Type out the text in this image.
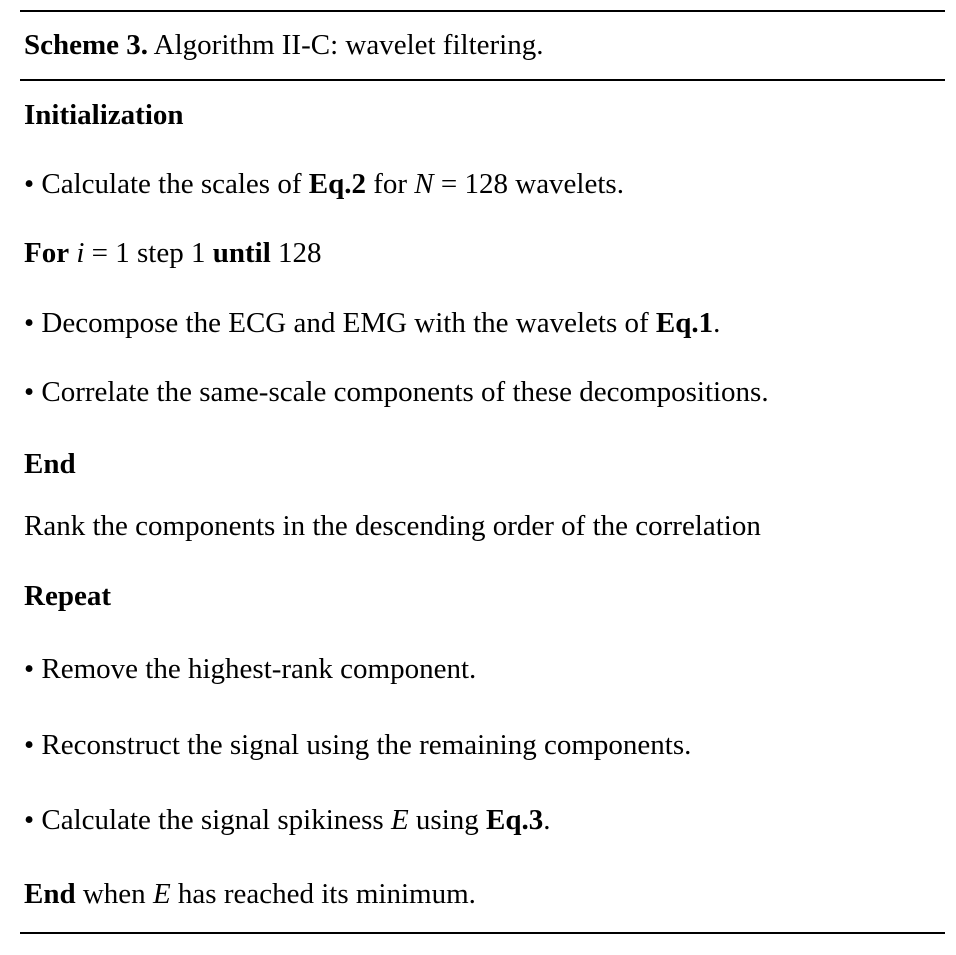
Scheme 3. Algorithm II-C: wavelet filtering.
Initialization
• Calculate the scales of Eq.2 for N = 128 wavelets.
For i = 1 step 1 until 128
• Decompose the ECG and EMG with the wavelets of Eq.1.
• Correlate the same-scale components of these decompositions.
End
Rank the components in the descending order of the correlation
Repeat
• Remove the highest-rank component.
• Reconstruct the signal using the remaining components.
• Calculate the signal spikiness E using Eq.3.
End when E has reached its minimum.
